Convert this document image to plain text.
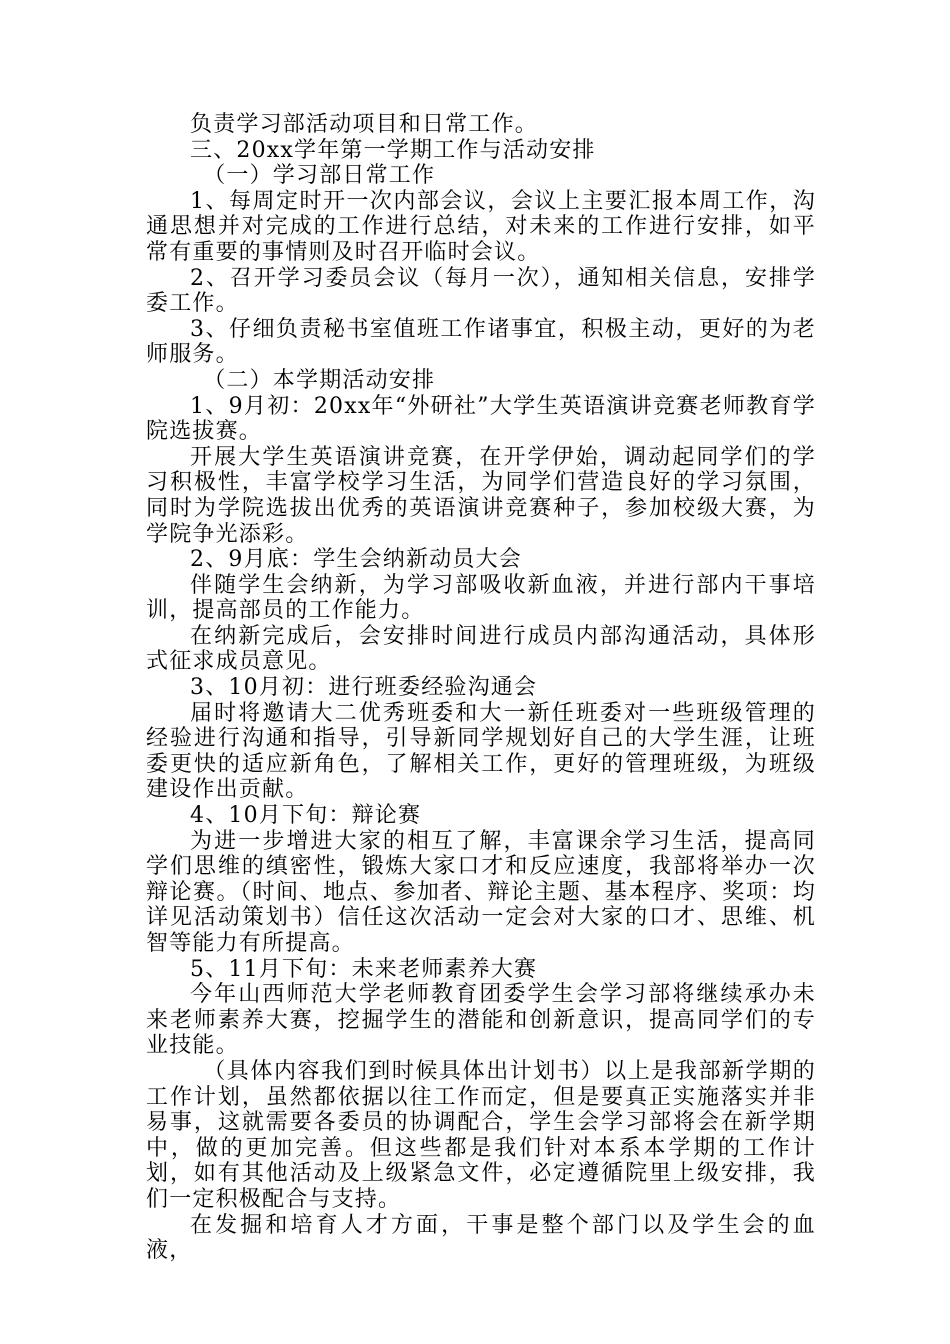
负责学习部活动项目和日常工作。

三、20xx学年第一学期工作与活动安排

（一）学习部日常工作

1、每周定时开一次内部会议，会议上主要汇报本周工作，沟通思想并对完成的工作进行总结，对未来的工作进行安排，如平常有重要的事情则及时召开临时会议。

2、召开学习委员会议（每月一次），通知相关信息，安排学委工作。

3、仔细负责秘书室值班工作诸事宜，积极主动，更好的为老师服务。

（二）本学期活动安排

1、9月初：20xx年“外研社”大学生英语演讲竞赛老师教育学院选拔赛。

开展大学生英语演讲竞赛，在开学伊始，调动起同学们的学习积极性，丰富学校学习生活，为同学们营造良好的学习氛围，同时为学院选拔出优秀的英语演讲竞赛种子，参加校级大赛，为学院争光添彩。

2、9月底：学生会纳新动员大会

伴随学生会纳新，为学习部吸收新血液，并进行部内干事培训，提高部员的工作能力。

在纳新完成后，会安排时间进行成员内部沟通活动，具体形式征求成员意见。

3、10月初：进行班委经验沟通会

届时将邀请大二优秀班委和大一新任班委对一些班级管理的经验进行沟通和指导，引导新同学规划好自己的大学生涯，让班委更快的适应新角色，了解相关工作，更好的管理班级，为班级建设作出贡献。

4、10月下旬：辩论赛

为进一步增进大家的相互了解，丰富课余学习生活，提高同学们思维的缜密性，锻炼大家口才和反应速度，我部将举办一次辩论赛。（时间、地点、参加者、辩论主题、基本程序、奖项：均详见活动策划书）信任这次活动一定会对大家的口才、思维、机智等能力有所提高。

5、11月下旬：未来老师素养大赛

今年山西师范大学老师教育团委学生会学习部将继续承办未来老师素养大赛，挖掘学生的潜能和创新意识，提高同学们的专业技能。

（具体内容我们到时候具体出计划书）以上是我部新学期的工作计划，虽然都依据以往工作而定，但是要真正实施落实并非易事，这就需要各委员的协调配合，学生会学习部将会在新学期中，做的更加完善。但这些都是我们针对本系本学期的工作计划，如有其他活动及上级紧急文件，必定遵循院里上级安排，我们一定积极配合与支持。

在发掘和培育人才方面，干事是整个部门以及学生会的血液，
